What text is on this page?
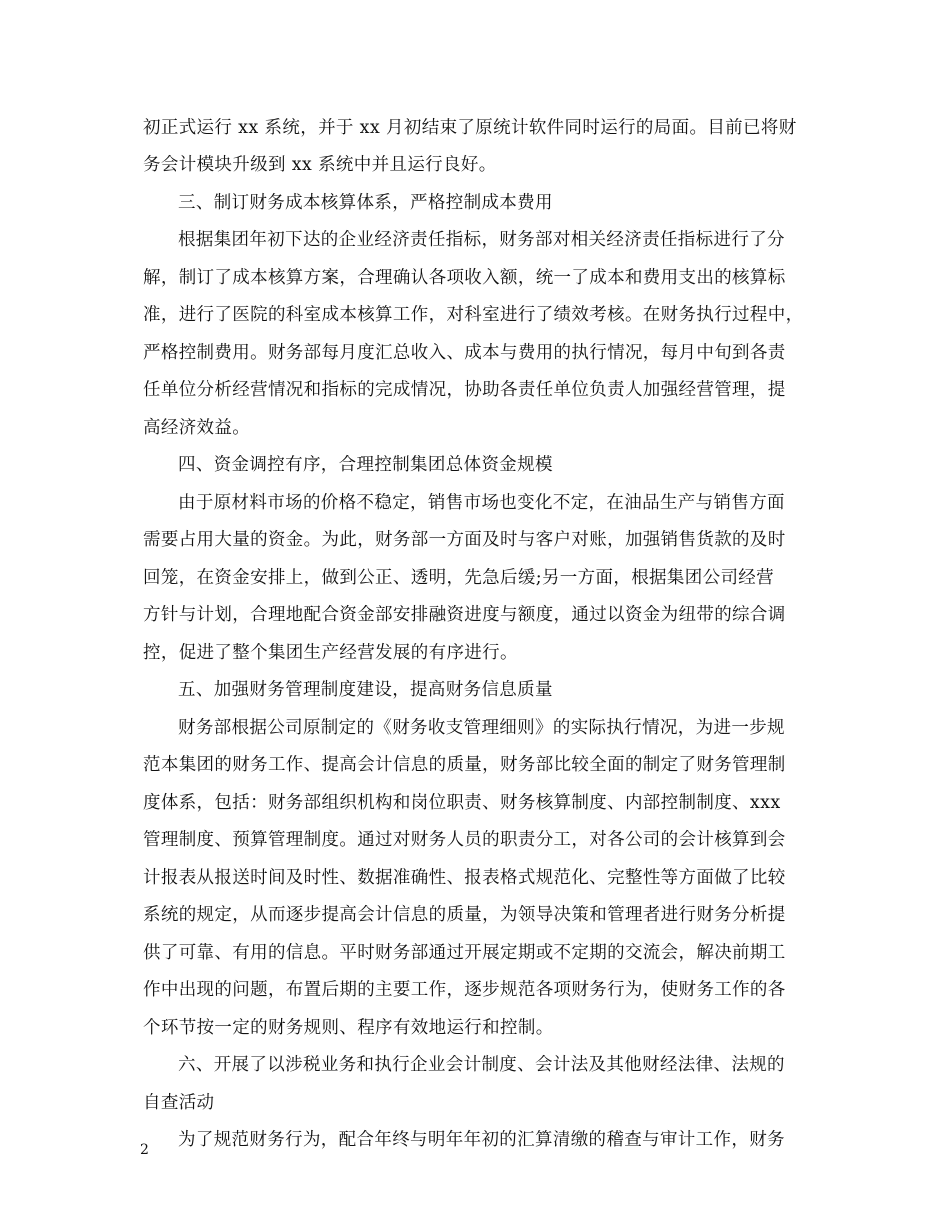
初正式运行 xx 系统，并于 xx 月初结束了原统计软件同时运行的局面。目前已将财
务会计模块升级到 xx 系统中并且运行良好。
三、制订财务成本核算体系，严格控制成本费用
根据集团年初下达的企业经济责任指标，财务部对相关经济责任指标进行了分
解，制订了成本核算方案，合理确认各项收入额，统一了成本和费用支出的核算标
准，进行了医院的科室成本核算工作，对科室进行了绩效考核。在财务执行过程中，
严格控制费用。财务部每月度汇总收入、成本与费用的执行情况，每月中旬到各责
任单位分析经营情况和指标的完成情况，协助各责任单位负责人加强经营管理，提
高经济效益。
四、资金调控有序，合理控制集团总体资金规模
由于原材料市场的价格不稳定，销售市场也变化不定，在油品生产与销售方面
需要占用大量的资金。为此，财务部一方面及时与客户对账，加强销售货款的及时
回笼，在资金安排上，做到公正、透明，先急后缓;另一方面，根据集团公司经营
方针与计划，合理地配合资金部安排融资进度与额度，通过以资金为纽带的综合调
控，促进了整个集团生产经营发展的有序进行。
五、加强财务管理制度建设，提高财务信息质量
财务部根据公司原制定的《财务收支管理细则》的实际执行情况，为进一步规
范本集团的财务工作、提高会计信息的质量，财务部比较全面的制定了财务管理制
度体系，包括：财务部组织机构和岗位职责、财务核算制度、内部控制制度、xxx
管理制度、预算管理制度。通过对财务人员的职责分工，对各公司的会计核算到会
计报表从报送时间及时性、数据准确性、报表格式规范化、完整性等方面做了比较
系统的规定，从而逐步提高会计信息的质量，为领导决策和管理者进行财务分析提
供了可靠、有用的信息。平时财务部通过开展定期或不定期的交流会，解决前期工
作中出现的问题，布置后期的主要工作，逐步规范各项财务行为，使财务工作的各
个环节按一定的财务规则、程序有效地运行和控制。
六、开展了以涉税业务和执行企业会计制度、会计法及其他财经法律、法规的
自查活动
为了规范财务行为，配合年终与明年年初的汇算清缴的稽查与审计工作，财务
2
